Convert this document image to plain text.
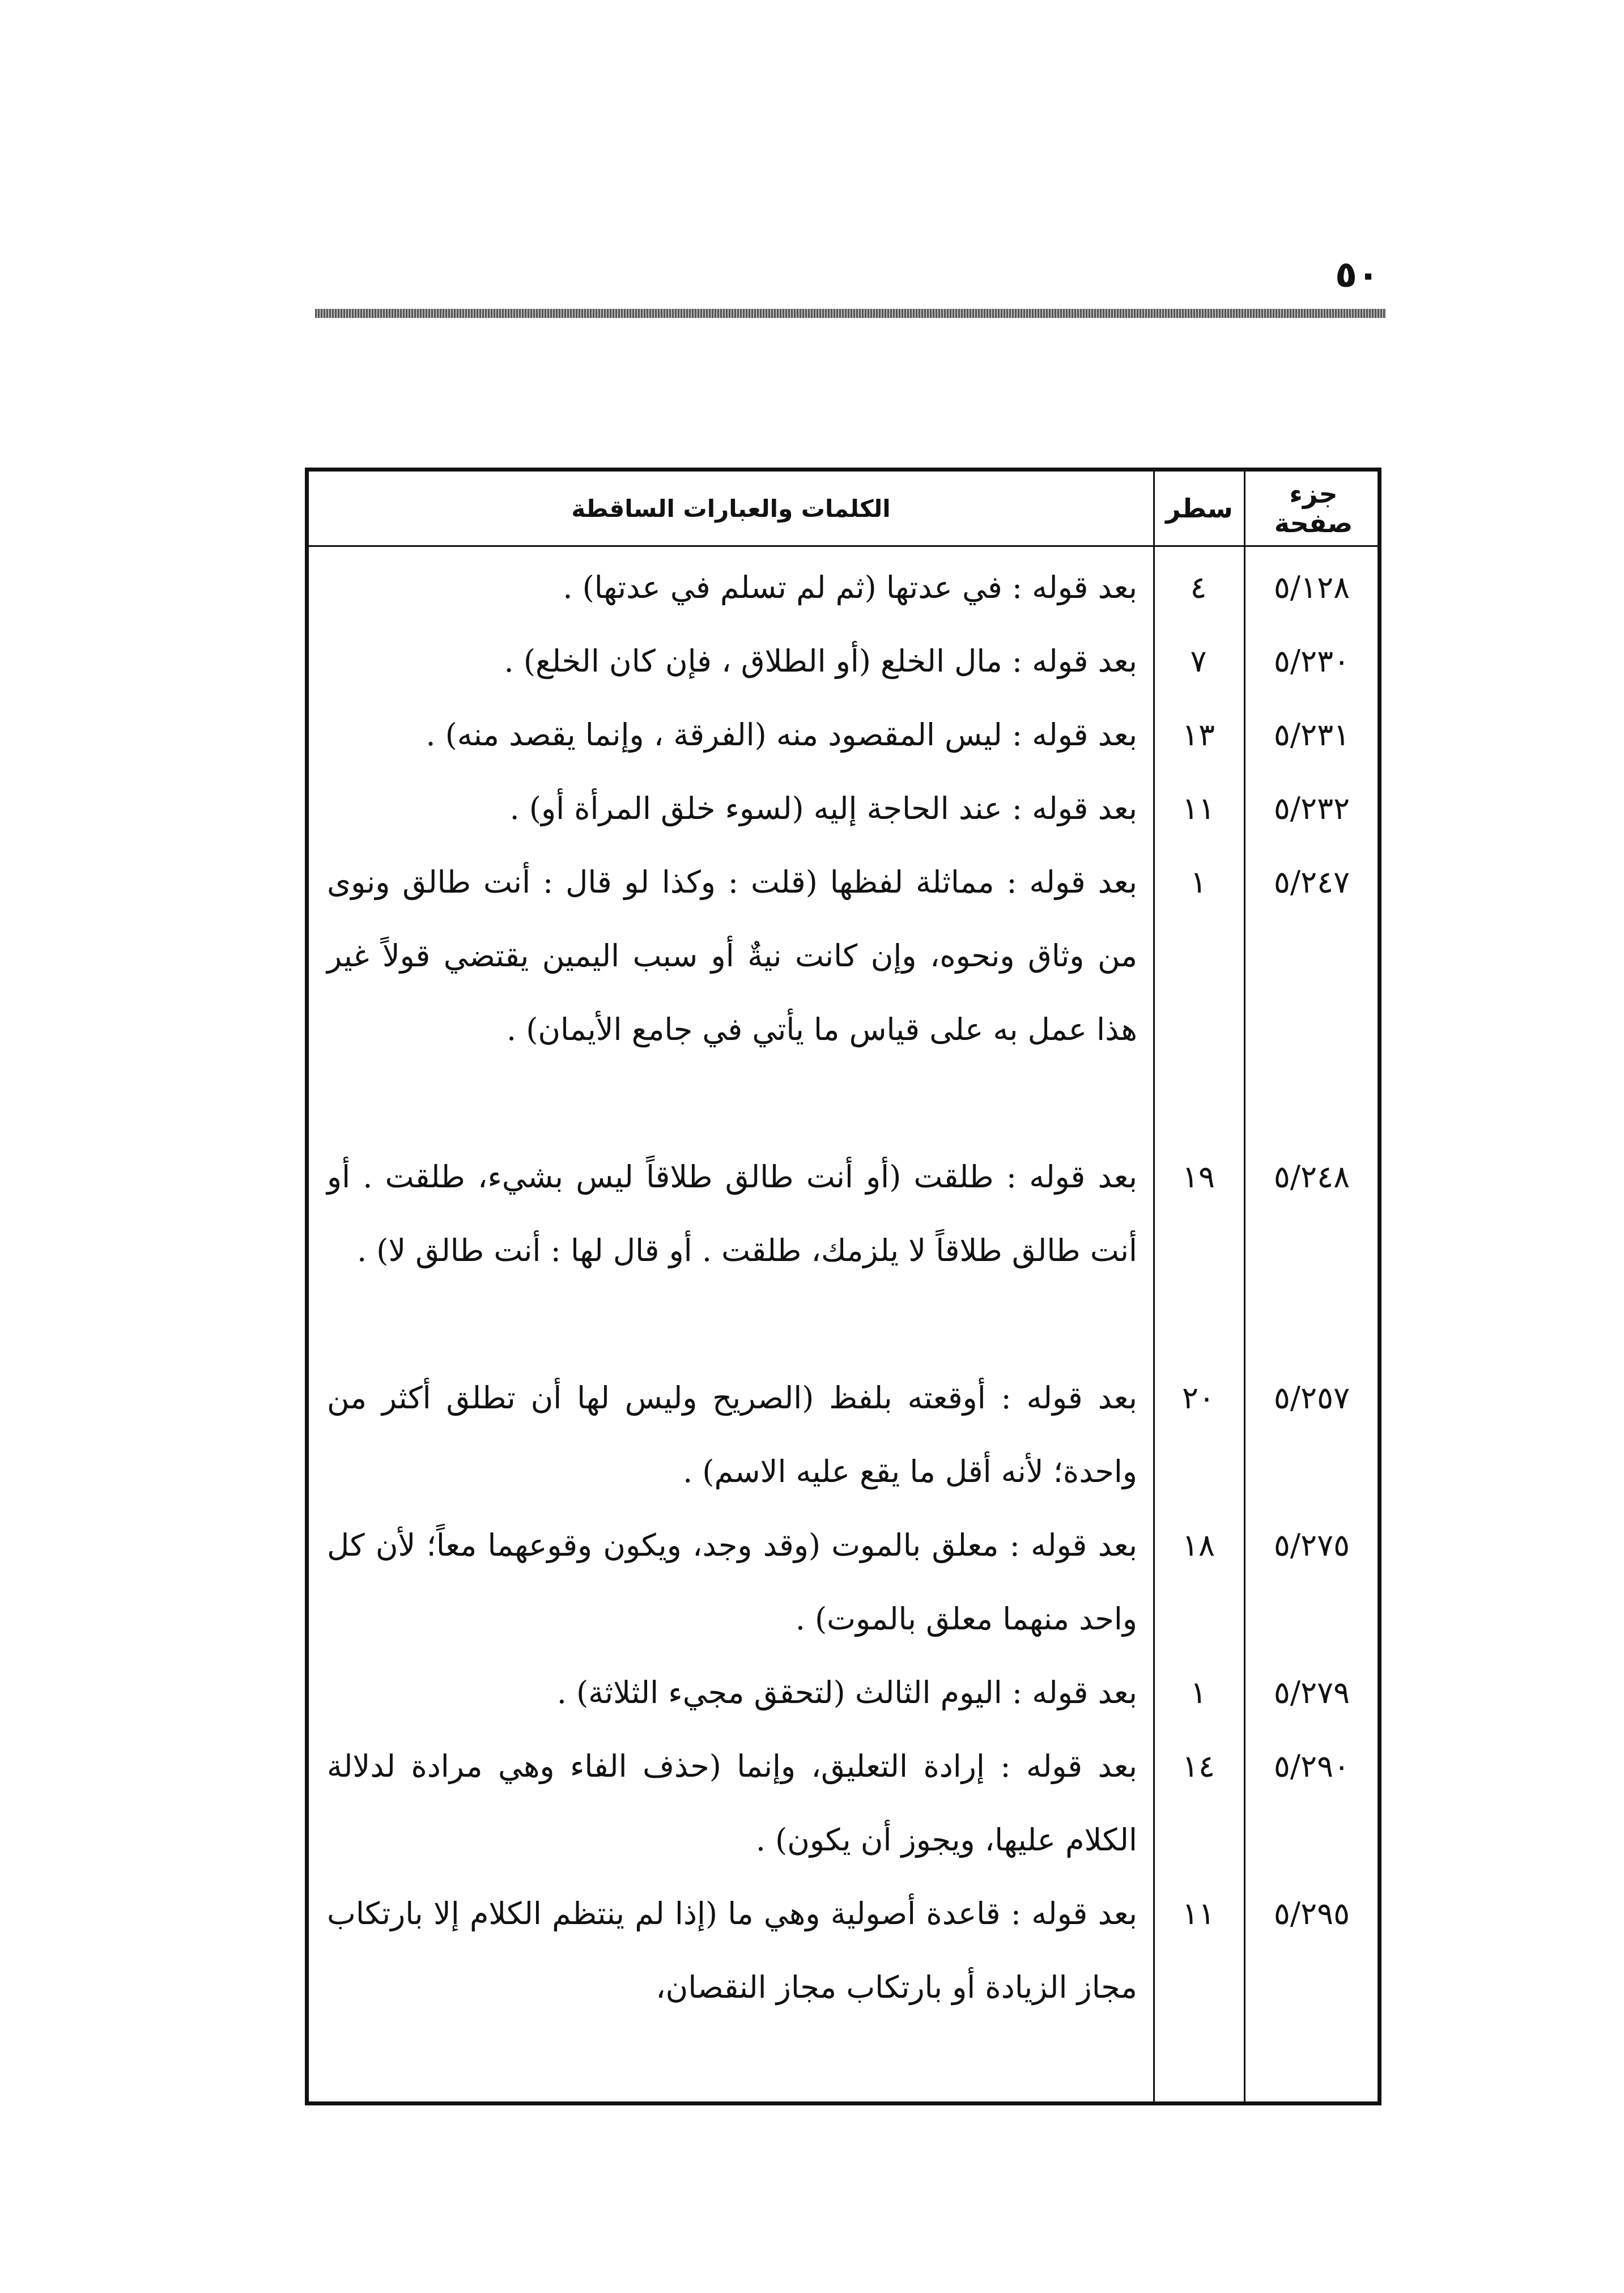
٥٠
الكلمات والعبارات الساقطة	سطر	جزء
صفحة
٥/١٢٨
٤
بعد قوله : في عدتها (ثم لم تسلم في عدتها) .
٥/٢٣٠
٧
بعد قوله : مال الخلع (أو الطلاق ، فإن كان الخلع) .
٥/٢٣١
١٣
بعد قوله : ليس المقصود منه (الفرقة ، وإنما يقصد منه) .
٥/٢٣٢
١١
بعد قوله : عند الحاجة إليه (لسوء خلق المرأة أو) .
٥/٢٤٧
١
بعد قوله : مماثلة لفظها (قلت : وكذا لو قال : أنت طالق ونوى من وثاق ونحوه، وإن كانت نيةٌ أو سبب اليمين يقتضي قولاً غير هذا عمل به على قياس ما يأتي في جامع الأيمان) .
٥/٢٤٨
١٩
بعد قوله : طلقت (أو أنت طالق طلاقاً ليس بشيء، طلقت . أو أنت طالق طلاقاً لا يلزمك، طلقت . أو قال لها : أنت طالق لا) .
٥/٢٥٧
٢٠
بعد قوله : أوقعته بلفظ (الصريح وليس لها أن تطلق أكثر من واحدة؛ لأنه أقل ما يقع عليه الاسم) .
٥/٢٧٥
١٨
بعد قوله : معلق بالموت (وقد وجد، ويكون وقوعهما معاً؛ لأن كل واحد منهما معلق بالموت) .
٥/٢٧٩
١
بعد قوله : اليوم الثالث (لتحقق مجيء الثلاثة) .
٥/٢٩٠
١٤
بعد قوله : إرادة التعليق، وإنما (حذف الفاء وهي مرادة لدلالة الكلام عليها، ويجوز أن يكون) .
٥/٢٩٥
١١
بعد قوله : قاعدة أصولية وهي ما (إذا لم ينتظم الكلام إلا بارتكاب مجاز الزيادة أو بارتكاب مجاز النقصان،
